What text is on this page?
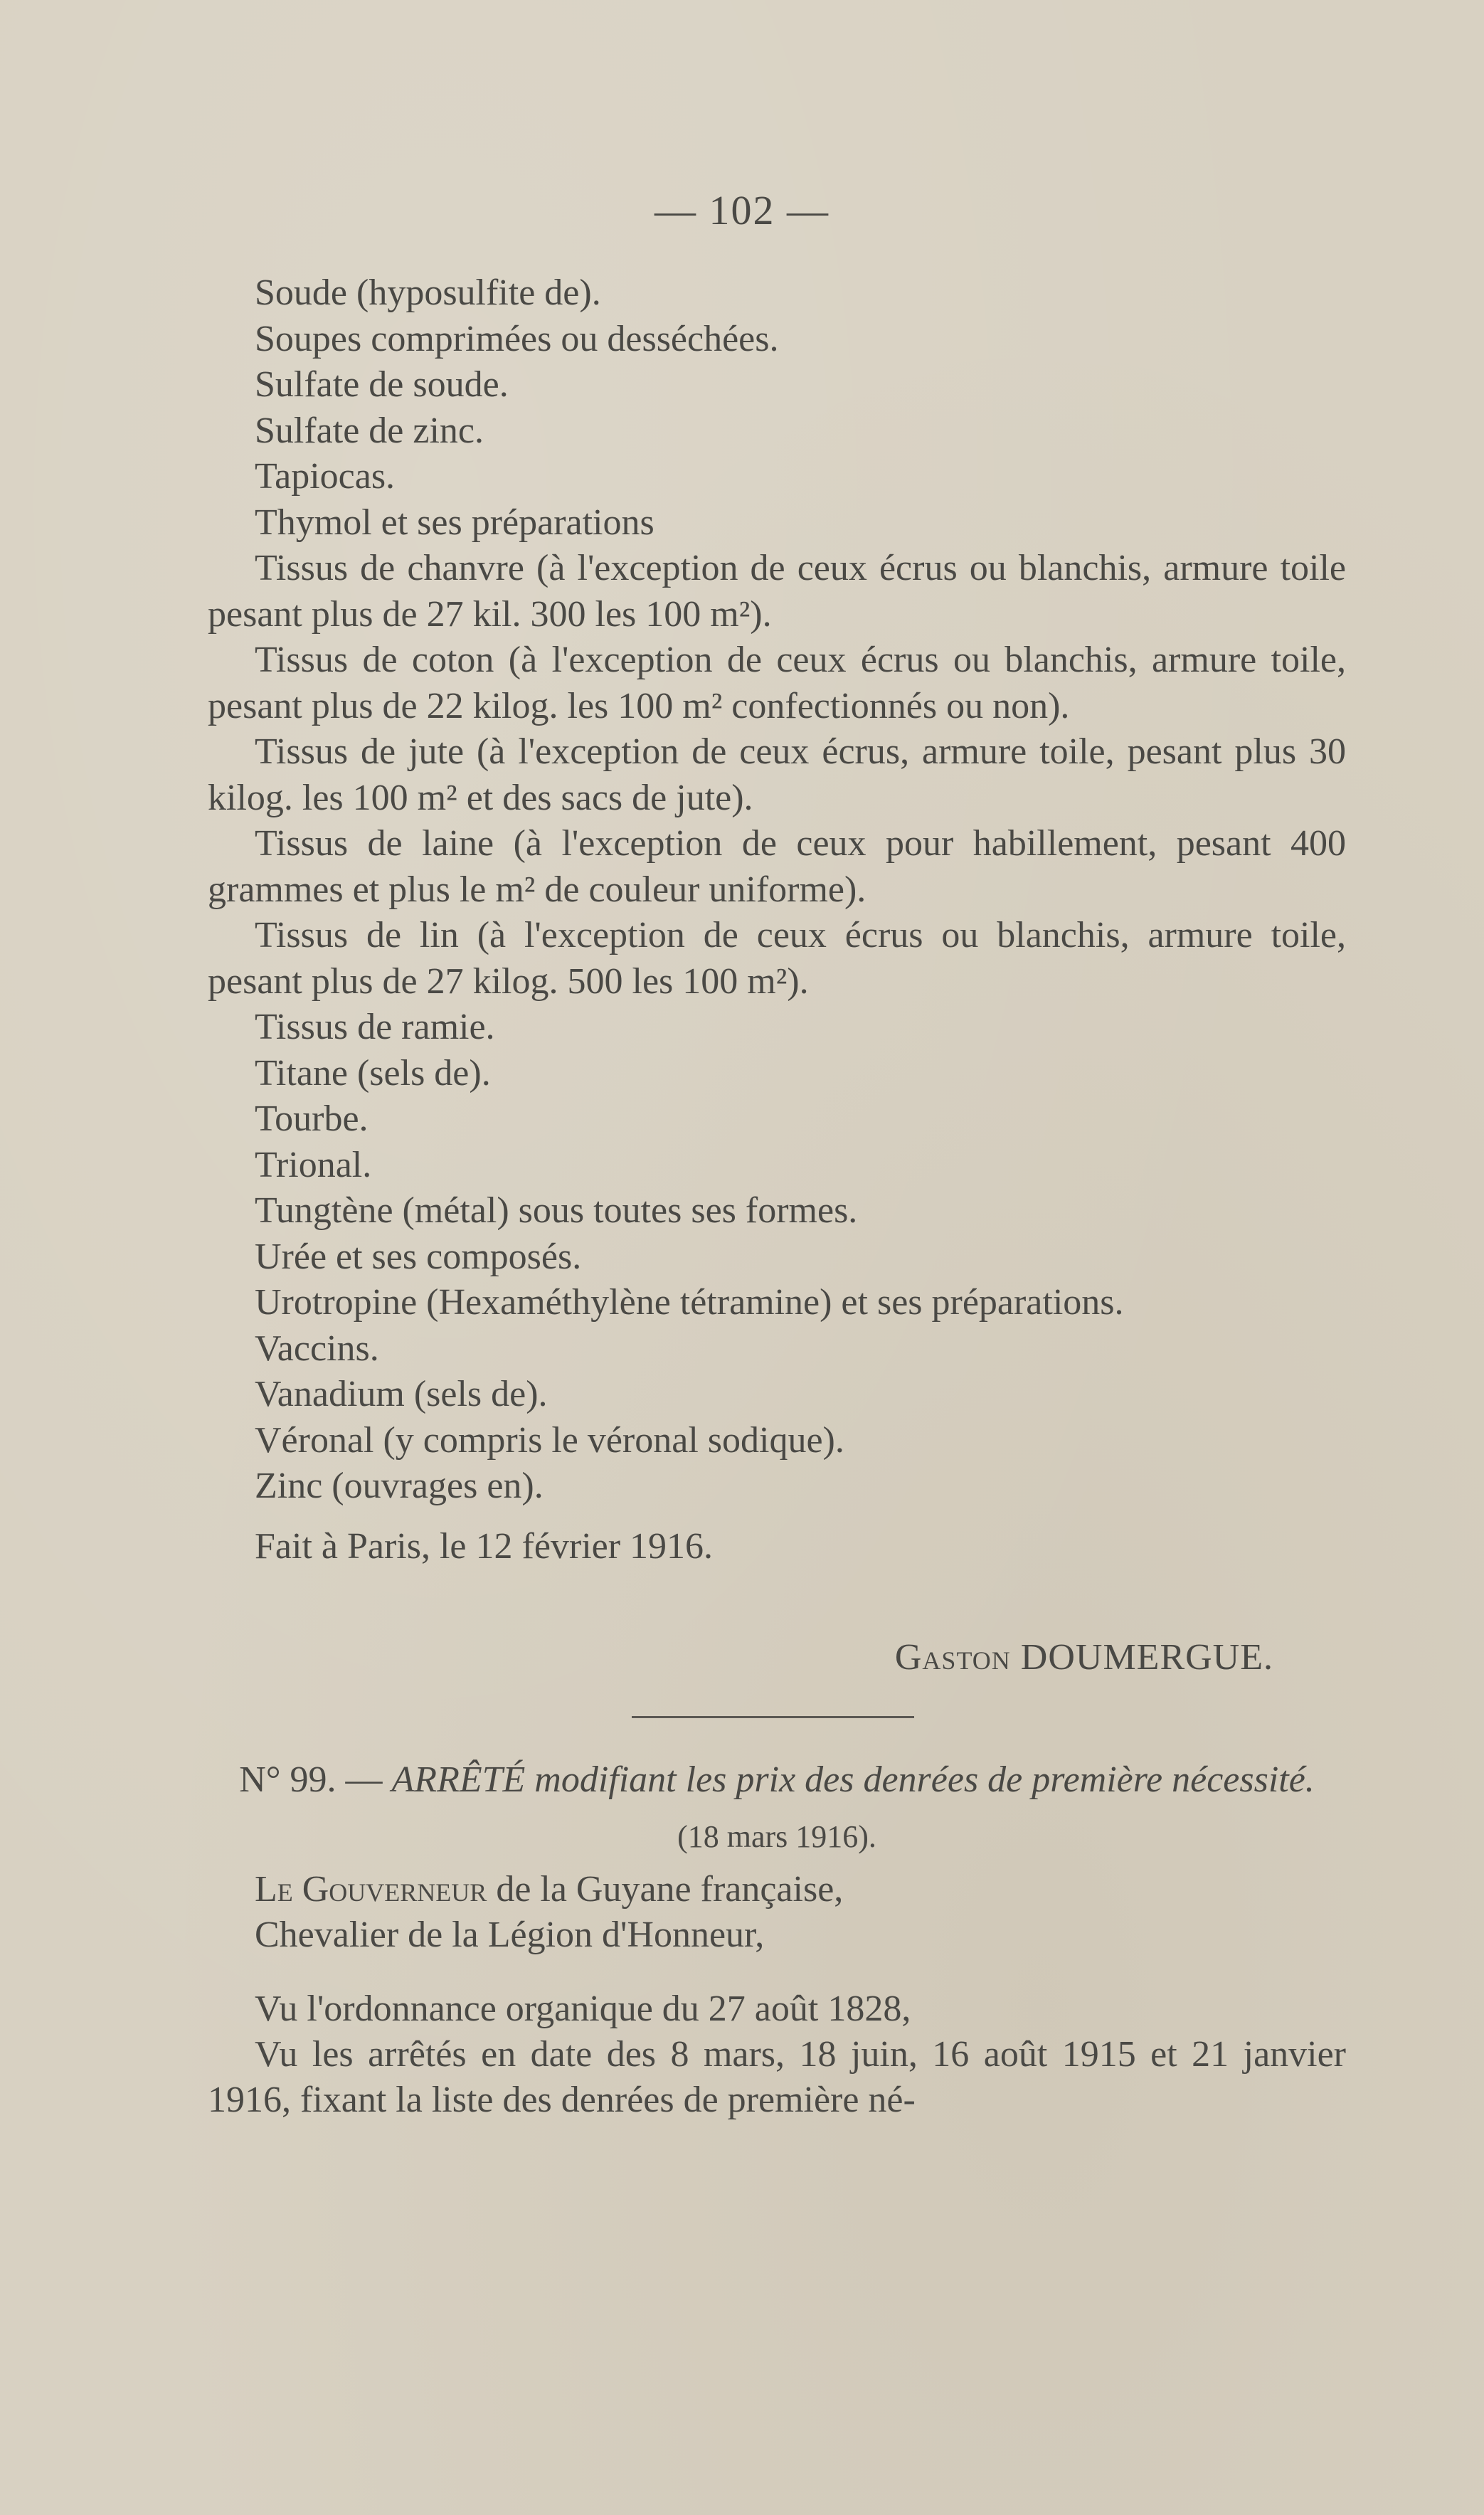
— 102 —

Soude (hyposulfite de).

Soupes comprimées ou desséchées.

Sulfate de soude.

Sulfate de zinc.

Tapiocas.

Thymol et ses préparations

Tissus de chanvre (à l'exception de ceux écrus ou blanchis, armure toile pesant plus de 27 kil. 300 les 100 m²).

Tissus de coton (à l'exception de ceux écrus ou blanchis, armure toile, pesant plus de 22 kilog. les 100 m² confectionnés ou non).

Tissus de jute (à l'exception de ceux écrus, armure toile, pesant plus 30 kilog. les 100 m² et des sacs de jute).

Tissus de laine (à l'exception de ceux pour habillement, pesant 400 grammes et plus le m² de couleur uniforme).

Tissus de lin (à l'exception de ceux écrus ou blanchis, armure toile, pesant plus de 27 kilog. 500 les 100 m²).

Tissus de ramie.

Titane (sels de).

Tourbe.

Trional.

Tungtène (métal) sous toutes ses formes.

Urée et ses composés.

Urotropine (Hexaméthylène tétramine) et ses préparations.

Vaccins.

Vanadium (sels de).

Véronal (y compris le véronal sodique).

Zinc (ouvrages en).

Fait à Paris, le 12 février 1916.

Gaston DOUMERGUE.

N° 99. — ARRÊTÉ modifiant les prix des denrées de première nécessité.

(18 mars 1916).

Le Gouverneur de la Guyane française,

Chevalier de la Légion d'Honneur,

Vu l'ordonnance organique du 27 août 1828,

Vu les arrêtés en date des 8 mars, 18 juin, 16 août 1915 et 21 janvier 1916, fixant la liste des denrées de première né-
